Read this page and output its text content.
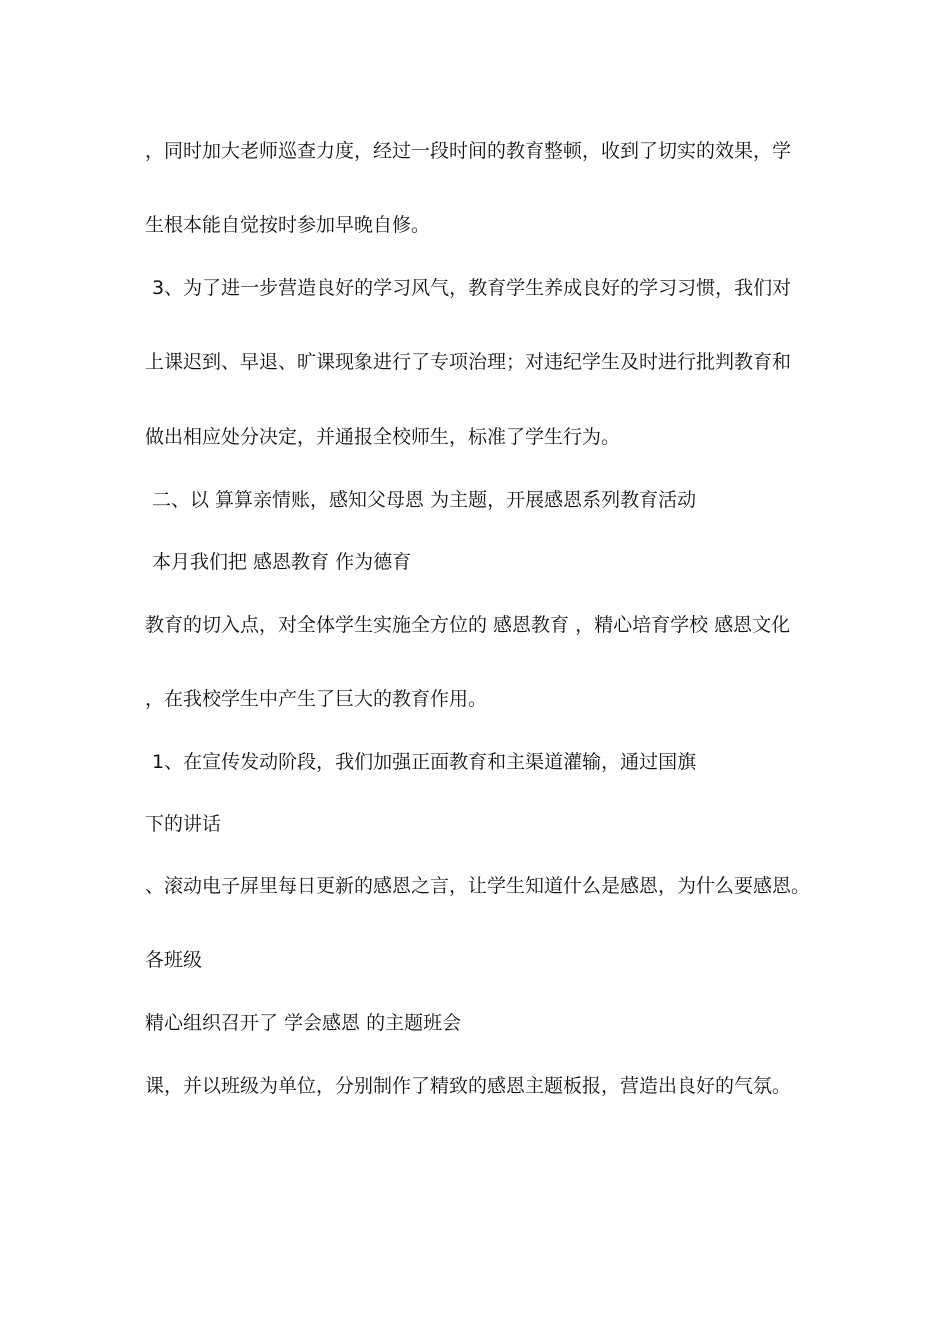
，同时加大老师巡查力度，经过一段时间的教育整顿，收到了切实的效果，学
生根本能自觉按时参加早晚自修。
3、为了进一步营造良好的学习风气，教育学生养成良好的学习习惯，我们对
上课迟到、早退、旷课现象进行了专项治理；对违纪学生及时进行批判教育和
做出相应处分决定，并通报全校师生，标准了学生行为。
二、以 算算亲情账，感知父母恩 为主题，开展感恩系列教育活动
本月我们把 感恩教育 作为德育
教育的切入点，对全体学生实施全方位的 感恩教育 ，精心培育学校 感恩文化
，在我校学生中产生了巨大的教育作用。
1、在宣传发动阶段，我们加强正面教育和主渠道灌输，通过国旗
下的讲话
、滚动电子屏里每日更新的感恩之言，让学生知道什么是感恩，为什么要感恩。
各班级
精心组织召开了 学会感恩 的主题班会
课，并以班级为单位，分别制作了精致的感恩主题板报，营造出良好的气氛。
